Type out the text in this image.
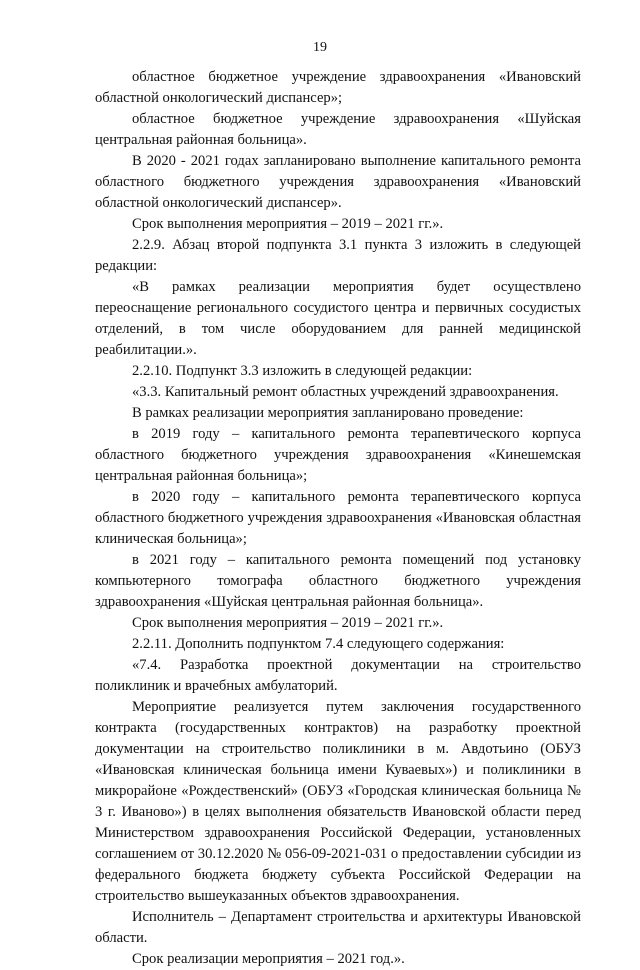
19

областное бюджетное учреждение здравоохранения «Ивановский областной онкологический диспансер»;

областное бюджетное учреждение здравоохранения «Шуйская центральная районная больница».

В 2020 - 2021 годах запланировано выполнение капитального ремонта областного бюджетного учреждения здравоохранения «Ивановский областной онкологический диспансер».

Срок выполнения мероприятия – 2019 – 2021 гг.».

2.2.9. Абзац второй подпункта 3.1 пункта 3 изложить в следующей редакции:

«В рамках реализации мероприятия будет осуществлено переоснащение регионального сосудистого центра и первичных сосудистых отделений, в том числе оборудованием для ранней медицинской реабилитации.».

2.2.10. Подпункт 3.3 изложить в следующей редакции:

«3.3. Капитальный ремонт областных учреждений здравоохранения.

В рамках реализации мероприятия запланировано проведение:

в 2019 году – капитального ремонта терапевтического корпуса областного бюджетного учреждения здравоохранения «Кинешемская центральная районная больница»;

в 2020 году – капитального ремонта терапевтического корпуса областного бюджетного учреждения здравоохранения «Ивановская областная клиническая больница»;

в 2021 году – капитального ремонта помещений под установку компьютерного томографа областного бюджетного учреждения здравоохранения «Шуйская центральная районная больница».

Срок выполнения мероприятия – 2019 – 2021 гг.».

2.2.11. Дополнить подпунктом 7.4 следующего содержания:

«7.4. Разработка проектной документации на строительство поликлиник и врачебных амбулаторий.

Мероприятие реализуется путем заключения государственного контракта (государственных контрактов) на разработку проектной документации на строительство поликлиники в м. Авдотьино (ОБУЗ «Ивановская клиническая больница имени Куваевых») и поликлиники в микрорайоне «Рождественский» (ОБУЗ «Городская клиническая больница № 3 г. Иваново») в целях выполнения обязательств Ивановской области перед Министерством здравоохранения Российской Федерации, установленных соглашением от 30.12.2020 № 056-09-2021-031 о предоставлении субсидии из федерального бюджета бюджету субъекта Российской Федерации на строительство вышеуказанных объектов здравоохранения.

Исполнитель – Департамент строительства и архитектуры Ивановской области.

Срок реализации мероприятия – 2021 год.».
